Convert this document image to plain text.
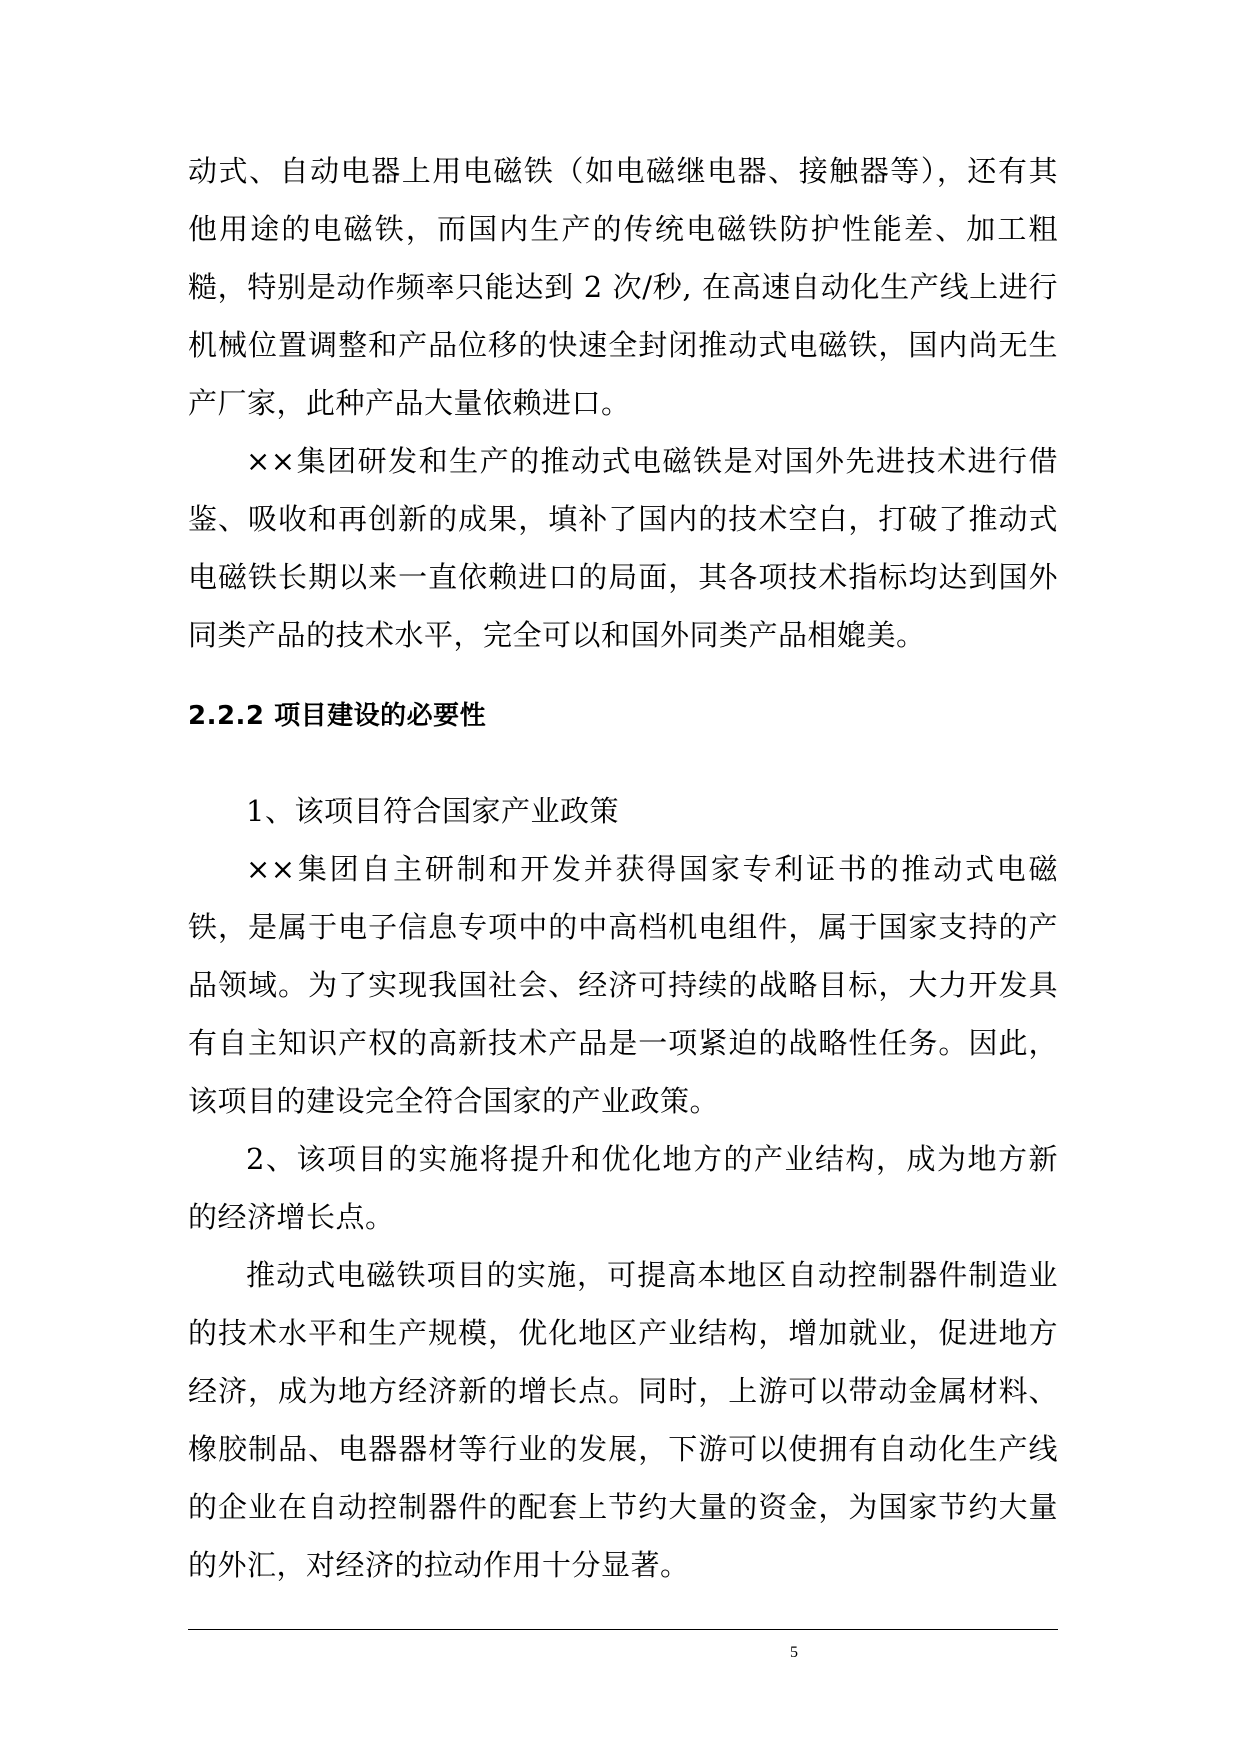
动式、自动电器上用电磁铁（如电磁继电器、接触器等），还有其他用途的电磁铁，而国内生产的传统电磁铁防护性能差、加工粗糙，特别是动作频率只能达到 2 次/秒, 在高速自动化生产线上进行机械位置调整和产品位移的快速全封闭推动式电磁铁，国内尚无生产厂家，此种产品大量依赖进口。

××集团研发和生产的推动式电磁铁是对国外先进技术进行借鉴、吸收和再创新的成果，填补了国内的技术空白，打破了推动式电磁铁长期以来一直依赖进口的局面，其各项技术指标均达到国外同类产品的技术水平，完全可以和国外同类产品相媲美。

2.2.2 项目建设的必要性

1、该项目符合国家产业政策

××集团自主研制和开发并获得国家专利证书的推动式电磁铁，是属于电子信息专项中的中高档机电组件，属于国家支持的产品领域。为了实现我国社会、经济可持续的战略目标，大力开发具有自主知识产权的高新技术产品是一项紧迫的战略性任务。因此，该项目的建设完全符合国家的产业政策。

2、该项目的实施将提升和优化地方的产业结构，成为地方新的经济增长点。

推动式电磁铁项目的实施，可提高本地区自动控制器件制造业的技术水平和生产规模，优化地区产业结构，增加就业，促进地方经济，成为地方经济新的增长点。同时，上游可以带动金属材料、橡胶制品、电器器材等行业的发展，下游可以使拥有自动化生产线的企业在自动控制器件的配套上节约大量的资金，为国家节约大量的外汇，对经济的拉动作用十分显著。

5
